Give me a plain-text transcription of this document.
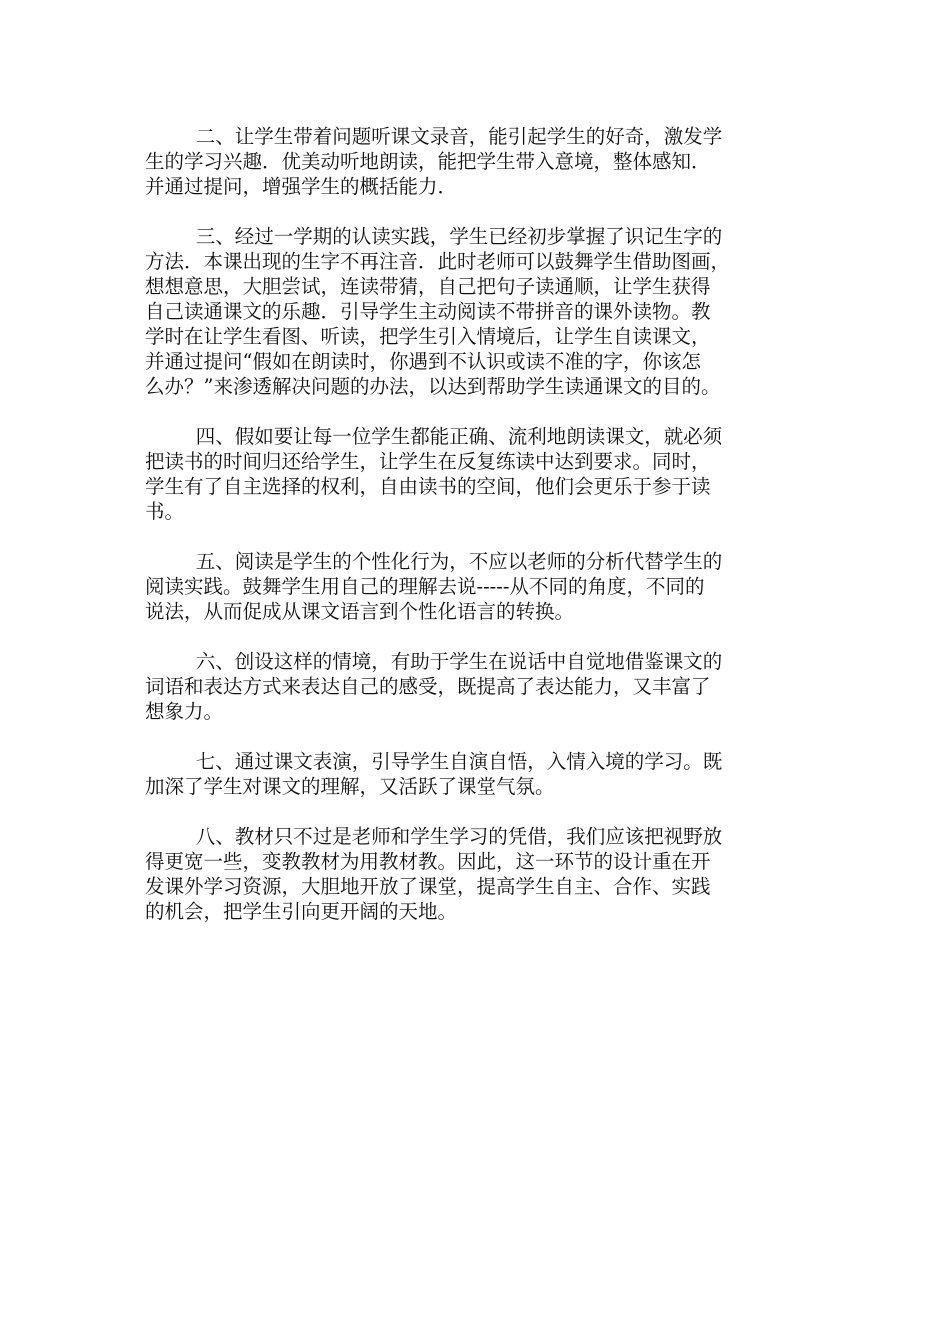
二、让学生带着问题听课文录音，能引起学生的好奇，激发学
生的学习兴趣．优美动听地朗读，能把学生带入意境，整体感知．
并通过提问，增强学生的概括能力．

三、经过一学期的认读实践，学生已经初步掌握了识记生字的
方法．本课出现的生字不再注音．此时老师可以鼓舞学生借助图画，
想想意思，大胆尝试，连读带猜，自己把句子读通顺，让学生获得
自己读通课文的乐趣．引导学生主动阅读不带拼音的课外读物。教
学时在让学生看图、听读，把学生引入情境后，让学生自读课文，
并通过提问“假如在朗读时，你遇到不认识或读不准的字，你该怎
么办？”来渗透解决问题的办法，以达到帮助学生读通课文的目的。

四、假如要让每一位学生都能正确、流利地朗读课文，就必须
把读书的时间归还给学生，让学生在反复练读中达到要求。同时，
学生有了自主选择的权利，自由读书的空间，他们会更乐于参于读
书。

五、阅读是学生的个性化行为，不应以老师的分析代替学生的
阅读实践。鼓舞学生用自己的理解去说-----从不同的角度，不同的
说法，从而促成从课文语言到个性化语言的转换。

六、创设这样的情境，有助于学生在说话中自觉地借鉴课文的
词语和表达方式来表达自己的感受，既提高了表达能力，又丰富了
想象力。

七、通过课文表演，引导学生自演自悟，入情入境的学习。既
加深了学生对课文的理解，又活跃了课堂气氛。

八、教材只不过是老师和学生学习的凭借，我们应该把视野放
得更宽一些，变教教材为用教材教。因此，这一环节的设计重在开
发课外学习资源，大胆地开放了课堂，提高学生自主、合作、实践
的机会，把学生引向更开阔的天地。
